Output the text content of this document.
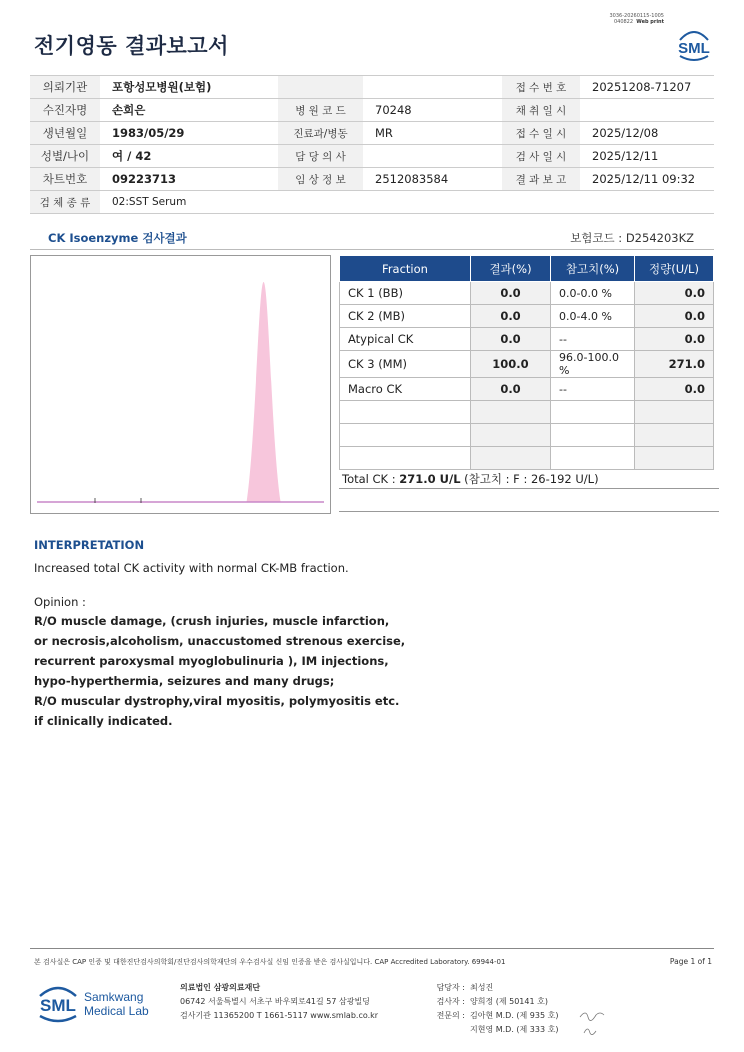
전기영동 결과보고서
3036-20260115-1005
040822 Web print
SML
의뢰기관	포항성모병원(보험)			접 수 번 호	20251208-71207
수진자명	손희은	병 원 코 드	70248	채 취 일 시	
생년월일	1983/05/29	진료과/병동	MR	접 수 일 시	2025/12/08
성별/나이	여 / 42	담 당 의 사		검 사 일 시	2025/12/11
차트번호	09223713	임 상 정 보	2512083584	결 과 보 고	2025/12/11 09:32
검 체 종 류	02:SST Serum				
CK Isoenzyme 검사결과	보험코드 : D254203KZ
Fraction	결과(%)	참고치(%)	정량(U/L)
CK 1 (BB)	0.0	0.0-0.0 %	0.0
CK 2 (MB)	0.0	0.0-4.0 %	0.0
Atypical CK	0.0	--	0.0
CK 3 (MM)	100.0	96.0-100.0 %	271.0
Macro CK	0.0	--	0.0

Total CK : 271.0 U/L (참고치 : F : 26-192 U/L)
INTERPRETATION
Increased total CK activity with normal CK-MB fraction.
Opinion :
R/O muscle damage, (crush injuries, muscle infarction,
or necrosis,alcoholism, unaccustomed strenous exercise,
recurrent paroxysmal myoglobulinuria ), IM injections,
hypo-hyperthermia, seizures and many drugs;
R/O muscular dystrophy,viral myositis, polymyositis etc.
if clinically indicated.
본 검사실은 CAP 인증 및 대한진단검사의학회/진단검사의학재단의 우수검사실 신임 인증을 받은 검사실입니다. CAP Accredited Laboratory. 69944-01	Page 1 of 1
SML Samkwang
Medical Lab
의료법인 삼광의료재단
06742 서울특별시 서초구 바우뫼로41길 57 삼광빌딩
검사기관 11365200 T 1661-5117 www.smlab.co.kr
담당자 : 최성진
검사자 : 양희정 (제 50141 호)
전문의 : 김아현 M.D. (제 935 호)
지현영 M.D. (제 333 호)
